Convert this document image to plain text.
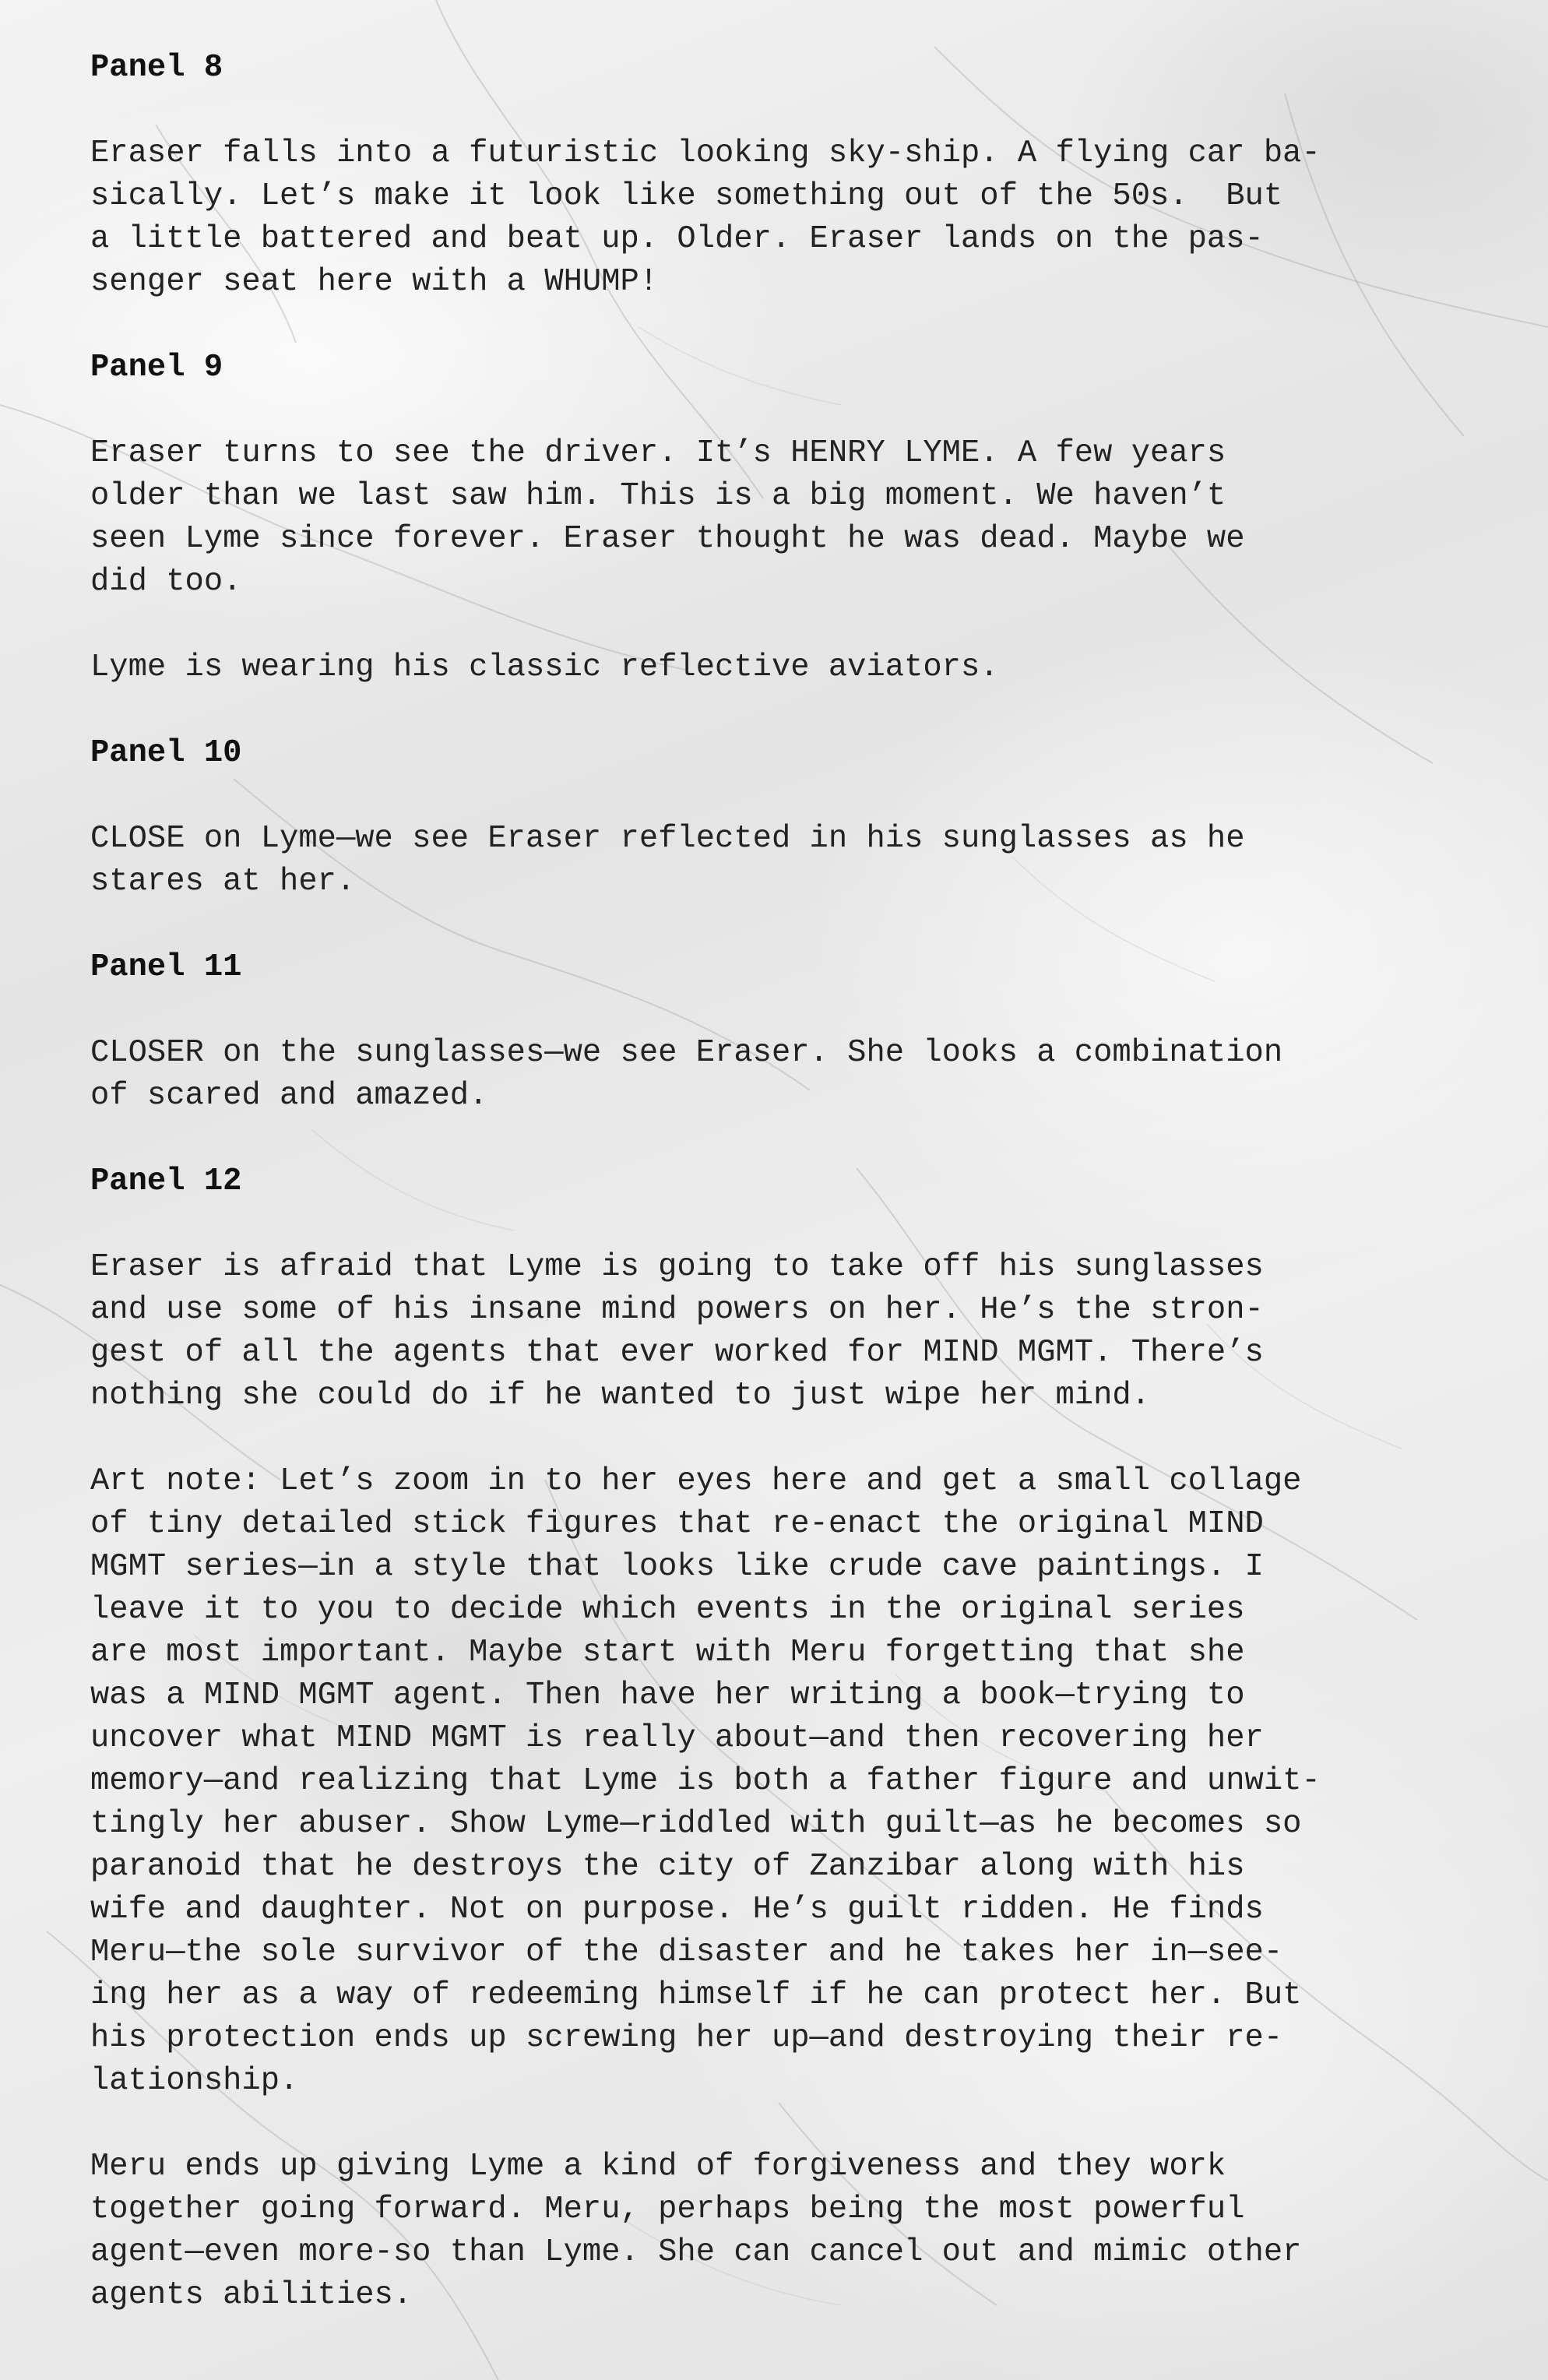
Panel 8
Eraser falls into a futuristic looking sky-ship. A flying car ba-
sically. Let’s make it look like something out of the 50s.  But
a little battered and beat up. Older. Eraser lands on the pas-
senger seat here with a WHUMP!
Panel 9
Eraser turns to see the driver. It’s HENRY LYME. A few years
older than we last saw him. This is a big moment. We haven’t
seen Lyme since forever. Eraser thought he was dead. Maybe we
did too.
Lyme is wearing his classic reflective aviators.
Panel 10
CLOSE on Lyme—we see Eraser reflected in his sunglasses as he
stares at her.
Panel 11
CLOSER on the sunglasses—we see Eraser. She looks a combination
of scared and amazed.
Panel 12
Eraser is afraid that Lyme is going to take off his sunglasses
and use some of his insane mind powers on her. He’s the stron-
gest of all the agents that ever worked for MIND MGMT. There’s
nothing she could do if he wanted to just wipe her mind.
Art note: Let’s zoom in to her eyes here and get a small collage
of tiny detailed stick figures that re-enact the original MIND
MGMT series—in a style that looks like crude cave paintings. I
leave it to you to decide which events in the original series
are most important. Maybe start with Meru forgetting that she
was a MIND MGMT agent. Then have her writing a book—trying to
uncover what MIND MGMT is really about—and then recovering her
memory—and realizing that Lyme is both a father figure and unwit-
tingly her abuser. Show Lyme—riddled with guilt—as he becomes so
paranoid that he destroys the city of Zanzibar along with his
wife and daughter. Not on purpose. He’s guilt ridden. He finds
Meru—the sole survivor of the disaster and he takes her in—see-
ing her as a way of redeeming himself if he can protect her. But
his protection ends up screwing her up—and destroying their re-
lationship.
Meru ends up giving Lyme a kind of forgiveness and they work
together going forward. Meru, perhaps being the most powerful
agent—even more-so than Lyme. She can cancel out and mimic other
agents abilities.
